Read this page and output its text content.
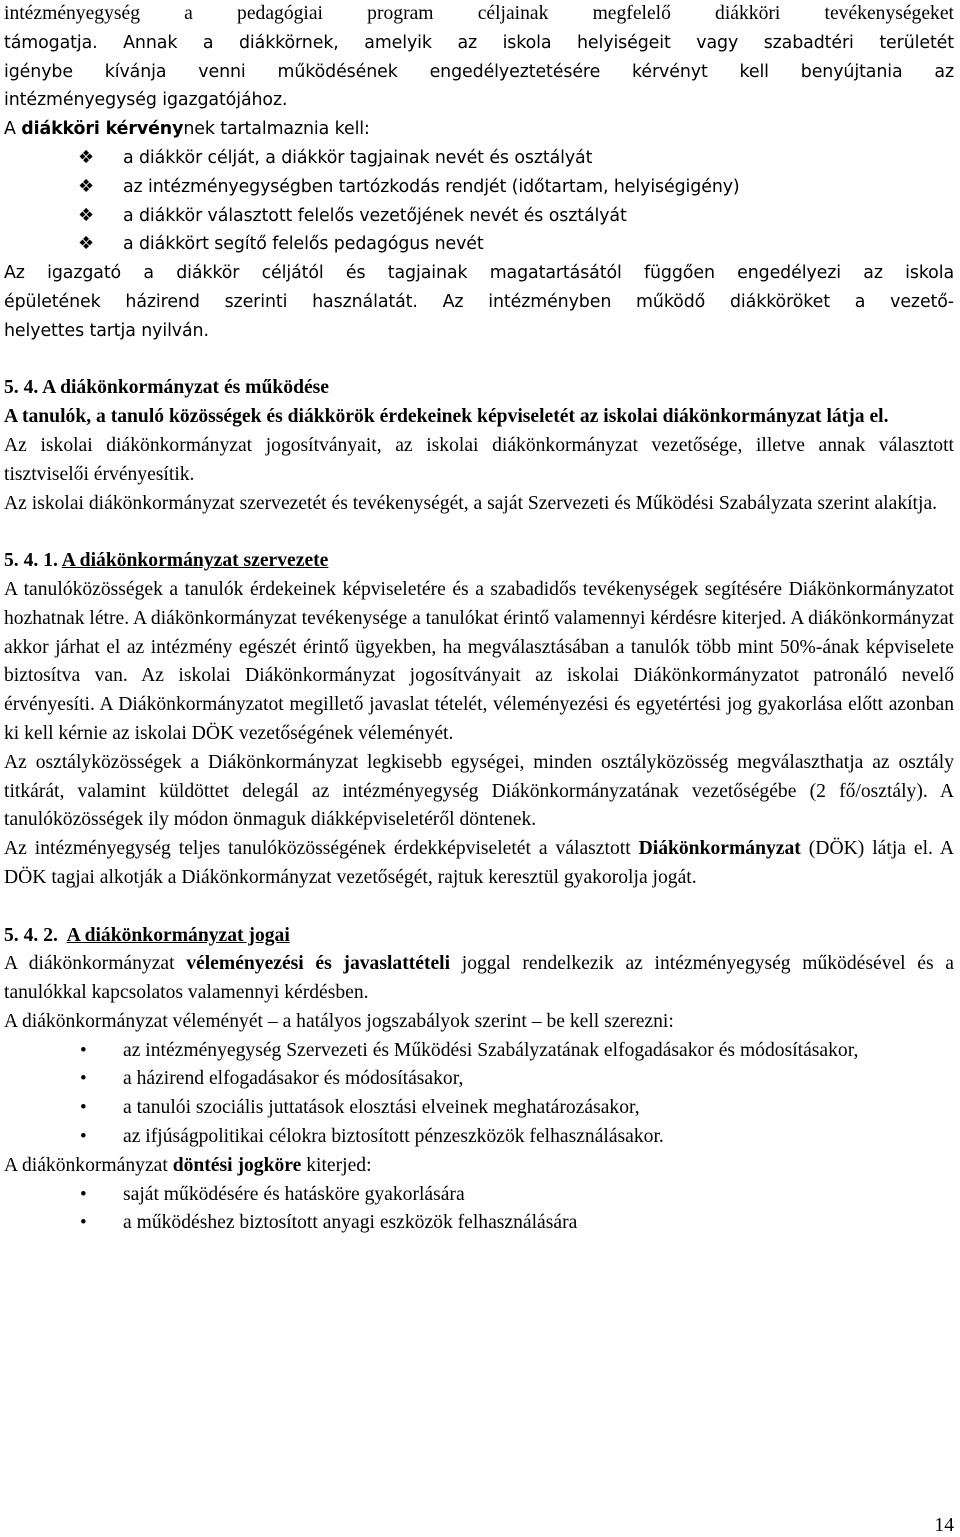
intézményegység a pedagógiai program céljainak megfelelő diákköri tevékenységeket
támogatja. Annak a diákkörnek, amelyik az iskola helyiségeit vagy szabadtéri területét
igénybe kívánja venni működésének engedélyeztetésére kérvényt kell benyújtania az
intézményegység igazgatójához.
A diákköri kérvénynek tartalmaznia kell:
❖ a diákkör célját, a diákkör tagjainak nevét és osztályát
❖ az intézményegységben tartózkodás rendjét (időtartam, helyiségigény)
❖ a diákkör választott felelős vezetőjének nevét és osztályát
❖ a diákkört segítő felelős pedagógus nevét
Az igazgató a diákkör céljától és tagjainak magatartásától függően engedélyezi az iskola
épületének házirend szerinti használatát. Az intézményben működő diákköröket a vezető-
helyettes tartja nyilván.
5. 4. A diákönkormányzat és működése
A tanulók, a tanuló közösségek és diákkörök érdekeinek képviseletét az iskolai diákönkormányzat látja el.
Az iskolai diákönkormányzat jogosítványait, az iskolai diákönkormányzat vezetősége, illetve annak választott tisztviselői érvényesítik.
Az iskolai diákönkormányzat szervezetét és tevékenységét, a saját Szervezeti és Működési Szabályzata szerint alakítja.
5. 4. 1. A diákönkormányzat szervezete
A tanulóközösségek a tanulók érdekeinek képviseletére és a szabadidős tevékenységek segítésére Diákönkormányzatot hozhatnak létre. A diákönkormányzat tevékenysége a tanulókat érintő valamennyi kérdésre kiterjed. A diákönkormányzat akkor járhat el az intézmény egészét érintő ügyekben, ha megválasztásában a tanulók több mint 50%-ának képviselete biztosítva van. Az iskolai Diákönkormányzat jogosítványait az iskolai Diákönkormányzatot patronáló nevelő érvényesíti. A Diákönkormányzatot megillető javaslat tételét, véleményezési és egyetértési jog gyakorlása előtt azonban ki kell kérnie az iskolai DÖK vezetőségének véleményét.
Az osztályközösségek a Diákönkormányzat legkisebb egységei, minden osztályközösség megválaszthatja az osztály titkárát, valamint küldöttet delegál az intézményegység Diákönkormányzatának vezetőségébe (2 fő/osztály). A tanulóközösségek ily módon önmaguk diákképviseletéről döntenek.
Az intézményegység teljes tanulóközösségének érdekképviseletét a választott Diákönkormányzat (DÖK) látja el. A DÖK tagjai alkotják a Diákönkormányzat vezetőségét, rajtuk keresztül gyakorolja jogát.
5. 4. 2. A diákönkormányzat jogai
A diákönkormányzat véleményezési és javaslattételi joggal rendelkezik az intézményegység működésével és a tanulókkal kapcsolatos valamennyi kérdésben.
A diákönkormányzat véleményét – a hatályos jogszabályok szerint – be kell szerezni:
• az intézményegység Szervezeti és Működési Szabályzatának elfogadásakor és módosításakor,
• a házirend elfogadásakor és módosításakor,
• a tanulói szociális juttatások elosztási elveinek meghatározásakor,
• az ifjúságpolitikai célokra biztosított pénzeszközök felhasználásakor.
A diákönkormányzat döntési jogköre kiterjed:
• saját működésére és hatásköre gyakorlására
• a működéshez biztosított anyagi eszközök felhasználására
14
